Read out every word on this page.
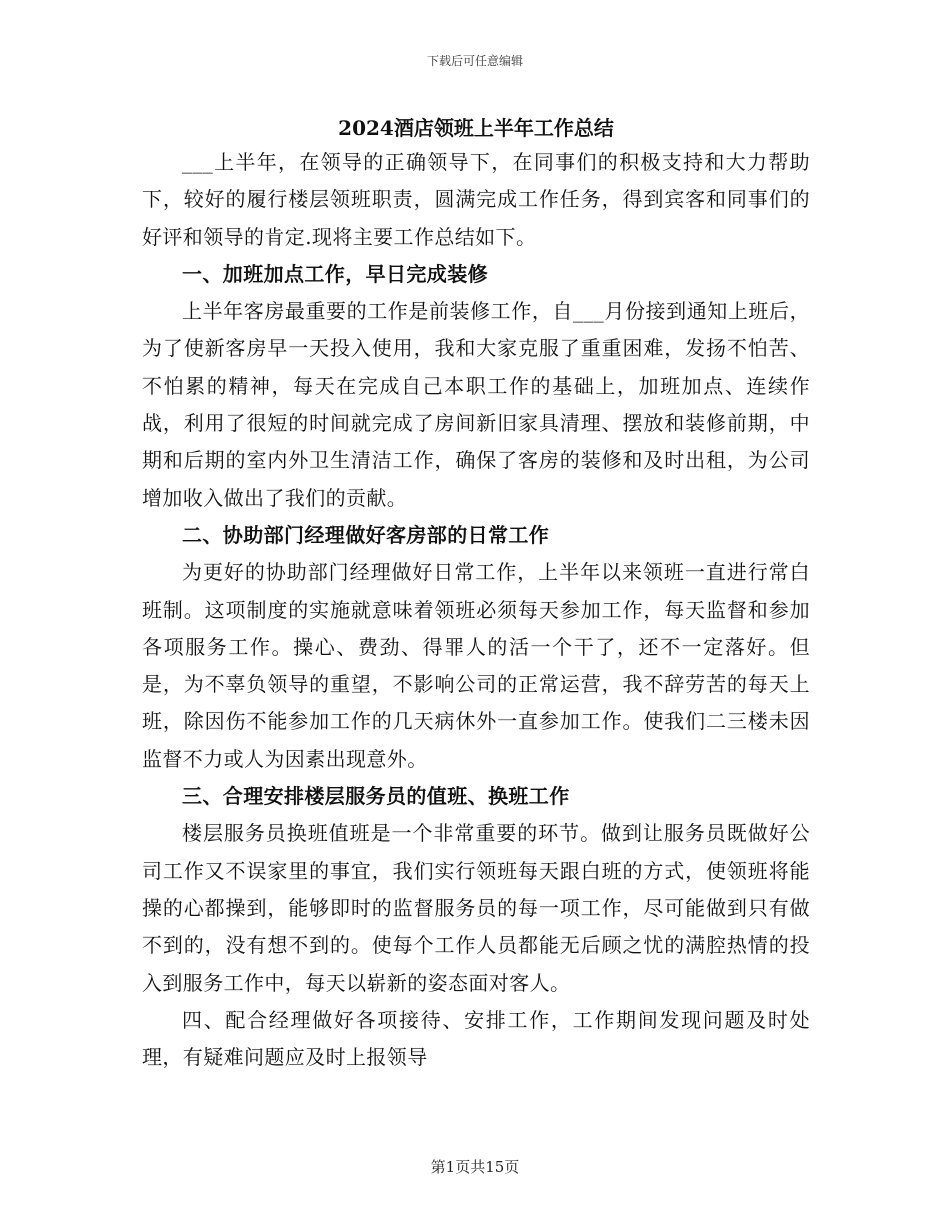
下载后可任意编辑
2024酒店领班上半年工作总结

___上半年，在领导的正确领导下，在同事们的积极支持和大力帮助下，较好的履行楼层领班职责，圆满完成工作任务，得到宾客和同事们的好评和领导的肯定.现将主要工作总结如下。

一、加班加点工作，早日完成装修

上半年客房最重要的工作是前装修工作，自___月份接到通知上班后，为了使新客房早一天投入使用，我和大家克服了重重困难，发扬不怕苦、不怕累的精神，每天在完成自己本职工作的基础上，加班加点、连续作战，利用了很短的时间就完成了房间新旧家具清理、摆放和装修前期，中期和后期的室内外卫生清洁工作，确保了客房的装修和及时出租，为公司增加收入做出了我们的贡献。

二、协助部门经理做好客房部的日常工作

为更好的协助部门经理做好日常工作，上半年以来领班一直进行常白班制。这项制度的实施就意味着领班必须每天参加工作，每天监督和参加各项服务工作。操心、费劲、得罪人的活一个干了，还不一定落好。但是，为不辜负领导的重望，不影响公司的正常运营，我不辞劳苦的每天上班，除因伤不能参加工作的几天病休外一直参加工作。使我们二三楼未因监督不力或人为因素出现意外。

三、合理安排楼层服务员的值班、换班工作

楼层服务员换班值班是一个非常重要的环节。做到让服务员既做好公司工作又不误家里的事宜，我们实行领班每天跟白班的方式，使领班将能操的心都操到，能够即时的监督服务员的每一项工作，尽可能做到只有做不到的，没有想不到的。使每个工作人员都能无后顾之忧的满腔热情的投入到服务工作中，每天以崭新的姿态面对客人。

四、配合经理做好各项接待、安排工作，工作期间发现问题及时处理，有疑难问题应及时上报领导

第1页共15页
